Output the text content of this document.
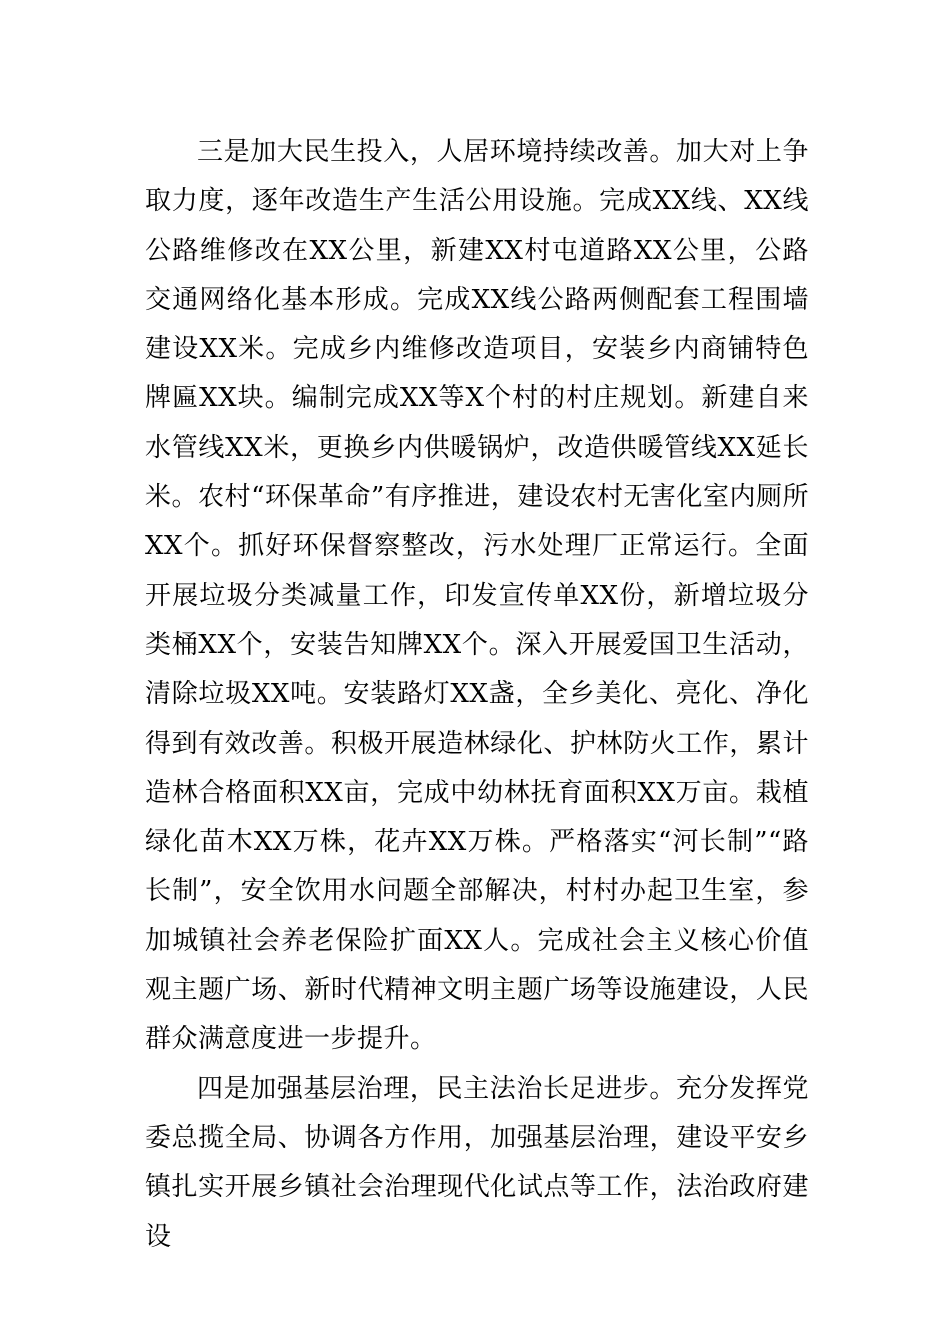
三是加大民生投入，人居环境持续改善。加大对上争取力度，逐年改造生产生活公用设施。完成XX线、XX线公路维修改在XX公里，新建XX村屯道路XX公里，公路交通网络化基本形成。完成XX线公路两侧配套工程围墙建设XX米。完成乡内维修改造项目，安装乡内商铺特色牌匾XX块。编制完成XX等X个村的村庄规划。新建自来水管线XX米，更换乡内供暖锅炉，改造供暖管线XX延长米。农村“环保革命”有序推进，建设农村无害化室内厕所XX个。抓好环保督察整改，污水处理厂正常运行。全面开展垃圾分类减量工作，印发宣传单XX份，新增垃圾分类桶XX个，安装告知牌XX个。深入开展爱国卫生活动，清除垃圾XX吨。安装路灯XX盏，全乡美化、亮化、净化得到有效改善。积极开展造林绿化、护林防火工作，累计造林合格面积XX亩，完成中幼林抚育面积XX万亩。栽植绿化苗木XX万株，花卉XX万株。严格落实“河长制”“路长制”，安全饮用水问题全部解决，村村办起卫生室，参加城镇社会养老保险扩面XX人。完成社会主义核心价值观主题广场、新时代精神文明主题广场等设施建设，人民群众满意度进一步提升。

四是加强基层治理，民主法治长足进步。充分发挥党委总揽全局、协调各方作用，加强基层治理，建设平安乡镇扎实开展乡镇社会治理现代化试点等工作，法治政府建设
